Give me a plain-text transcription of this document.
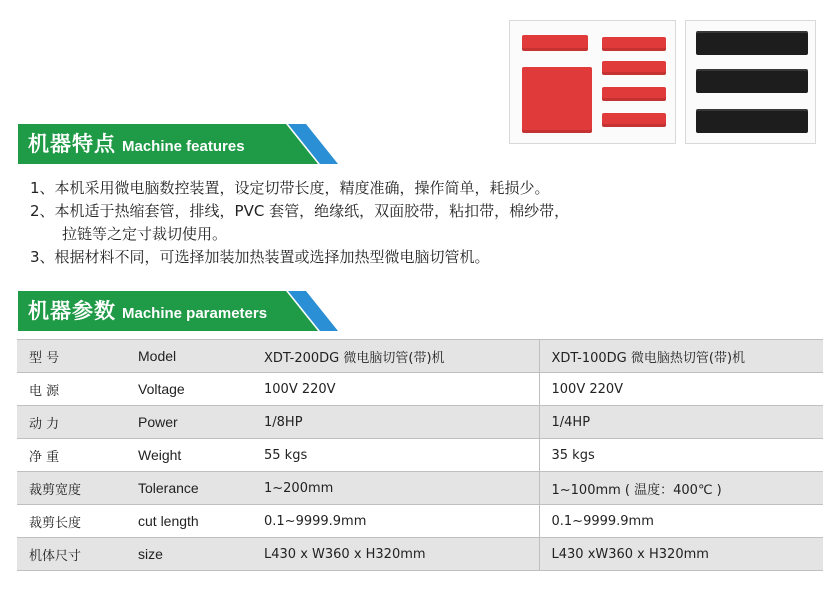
机器特点 Machine features
1、本机采用微电脑数控装置，设定切带长度，精度准确，操作简单，耗损少。
2、本机适于热缩套管，排线，PVC 套管，绝缘纸，双面胶带，粘扣带，棉纱带，
拉链等之定寸裁切使用。
3、根据材料不同，可选择加装加热装置或选择加热型微电脑切管机。
机器参数 Machine parameters
型 号	Model	XDT-200DG 微电脑切管(带)机	XDT-100DG 微电脑热切管(带)机
电 源	Voltage	100V 220V	100V 220V
动 力	Power	1/8HP	1/4HP
净 重	Weight	55 kgs	35 kgs
裁剪宽度	Tolerance	1~200mm	1~100mm ( 温度：400℃ )
裁剪长度	cut length	0.1~9999.9mm	0.1~9999.9mm
机体尺寸	size	L430 x W360 x H320mm	L430 xW360 x H320mm
